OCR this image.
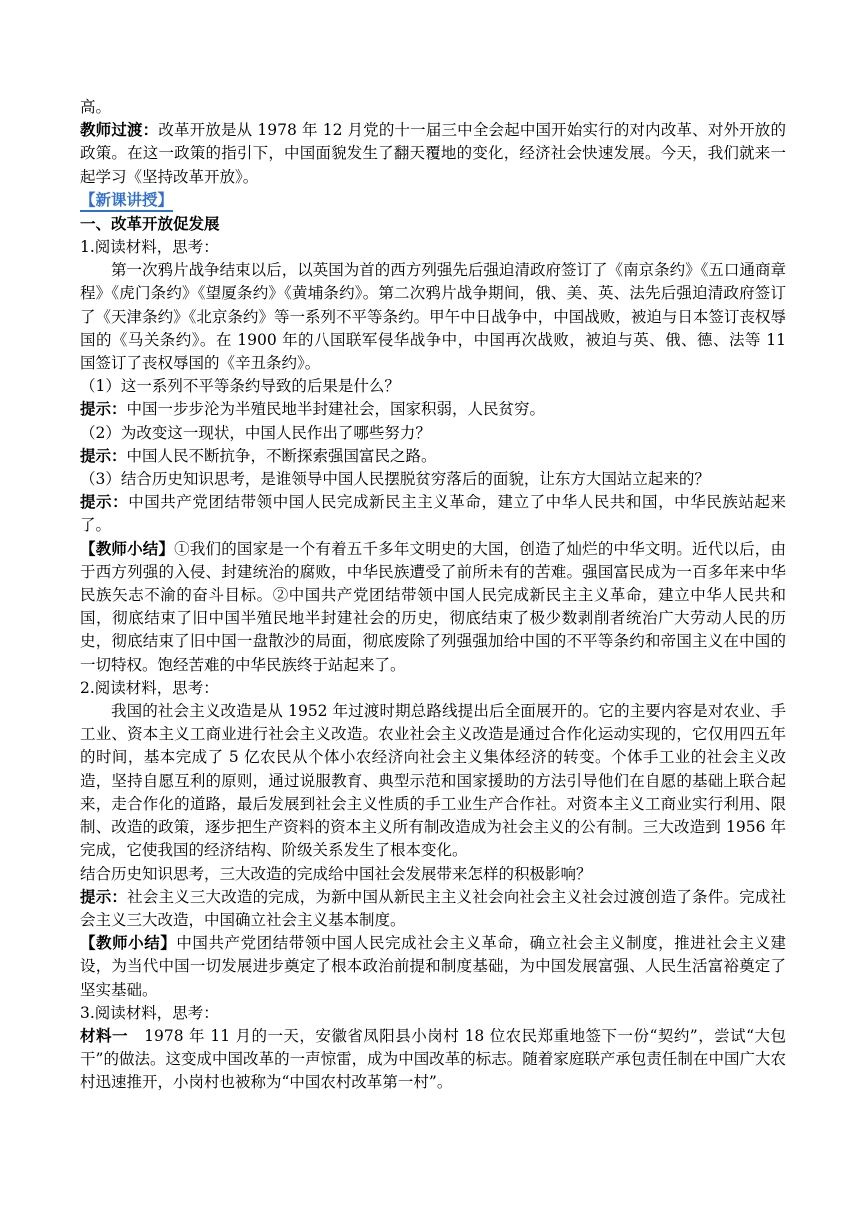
高。

教师过渡：改革开放是从 1978 年 12 月党的十一届三中全会起中国开始实行的对内改革、对外开放的政策。在这一政策的指引下，中国面貌发生了翻天覆地的变化，经济社会快速发展。今天，我们就来一起学习《坚持改革开放》。

【新课讲授】

一、改革开放促发展

1.阅读材料，思考：

第一次鸦片战争结束以后，以英国为首的西方列强先后强迫清政府签订了《南京条约》《五口通商章程》《虎门条约》《望厦条约》《黄埔条约》。第二次鸦片战争期间，俄、美、英、法先后强迫清政府签订了《天津条约》《北京条约》等一系列不平等条约。甲午中日战争中，中国战败，被迫与日本签订丧权辱国的《马关条约》。在 1900 年的八国联军侵华战争中，中国再次战败，被迫与英、俄、德、法等 11 国签订了丧权辱国的《辛丑条约》。

（1）这一系列不平等条约导致的后果是什么？

提示：中国一步步沦为半殖民地半封建社会，国家积弱，人民贫穷。

（2）为改变这一现状，中国人民作出了哪些努力？

提示：中国人民不断抗争，不断探索强国富民之路。

（3）结合历史知识思考，是谁领导中国人民摆脱贫穷落后的面貌，让东方大国站立起来的？

提示：中国共产党团结带领中国人民完成新民主主义革命，建立了中华人民共和国，中华民族站起来了。

【教师小结】①我们的国家是一个有着五千多年文明史的大国，创造了灿烂的中华文明。近代以后，由于西方列强的入侵、封建统治的腐败，中华民族遭受了前所未有的苦难。强国富民成为一百多年来中华民族矢志不渝的奋斗目标。②中国共产党团结带领中国人民完成新民主主义革命，建立中华人民共和国，彻底结束了旧中国半殖民地半封建社会的历史，彻底结束了极少数剥削者统治广大劳动人民的历史，彻底结束了旧中国一盘散沙的局面，彻底废除了列强强加给中国的不平等条约和帝国主义在中国的一切特权。饱经苦难的中华民族终于站起来了。

2.阅读材料，思考：

我国的社会主义改造是从 1952 年过渡时期总路线提出后全面展开的。它的主要内容是对农业、手工业、资本主义工商业进行社会主义改造。农业社会主义改造是通过合作化运动实现的，它仅用四五年的时间，基本完成了 5 亿农民从个体小农经济向社会主义集体经济的转变。个体手工业的社会主义改造，坚持自愿互利的原则，通过说服教育、典型示范和国家援助的方法引导他们在自愿的基础上联合起来，走合作化的道路，最后发展到社会主义性质的手工业生产合作社。对资本主义工商业实行利用、限制、改造的政策，逐步把生产资料的资本主义所有制改造成为社会主义的公有制。三大改造到 1956 年完成，它使我国的经济结构、阶级关系发生了根本变化。

结合历史知识思考，三大改造的完成给中国社会发展带来怎样的积极影响？

提示：社会主义三大改造的完成，为新中国从新民主主义社会向社会主义社会过渡创造了条件。完成社会主义三大改造，中国确立社会主义基本制度。

【教师小结】中国共产党团结带领中国人民完成社会主义革命，确立社会主义制度，推进社会主义建设，为当代中国一切发展进步奠定了根本政治前提和制度基础，为中国发展富强、人民生活富裕奠定了坚实基础。

3.阅读材料，思考：

材料一 1978 年 11 月的一天，安徽省凤阳县小岗村 18 位农民郑重地签下一份“契约”，尝试“大包干”的做法。这变成中国改革的一声惊雷，成为中国改革的标志。随着家庭联产承包责任制在中国广大农村迅速推开，小岗村也被称为“中国农村改革第一村”。
